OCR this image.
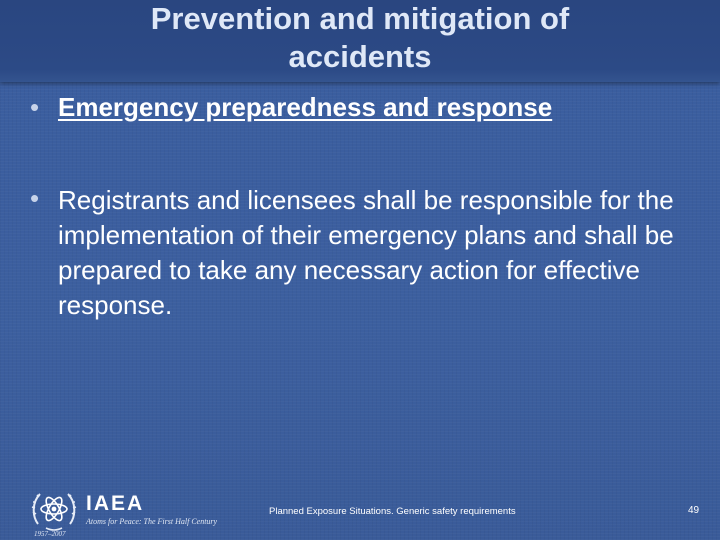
Prevention and mitigation of
accidents
• Emergency preparedness and response
• Registrants and licensees shall be responsible for the implementation of their emergency plans and shall be prepared to take any necessary action for effective response.
IAEA
Atoms for Peace: The First Half Century
1957–2007
Planned Exposure Situations. Generic safety requirements	49
